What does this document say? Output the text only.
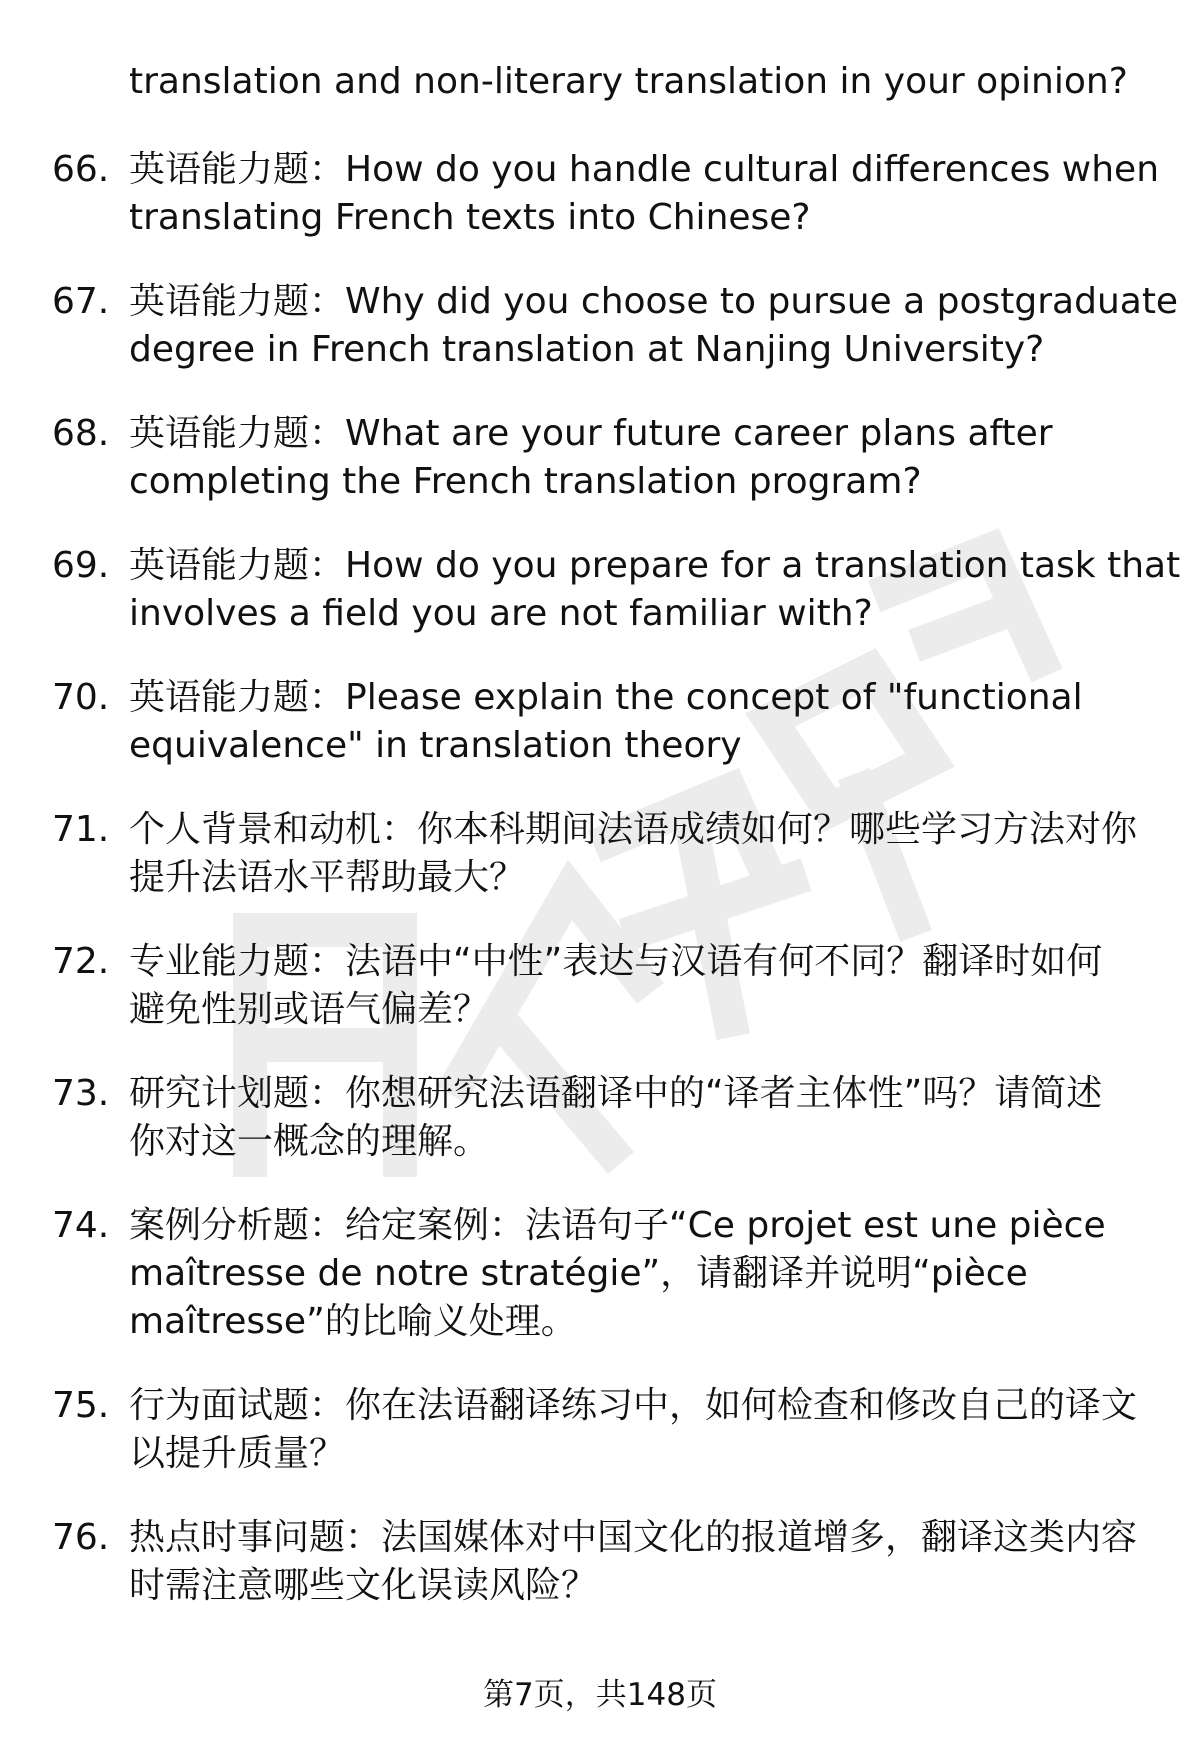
translation and non-literary translation in your opinion?
66. 英语能力题：How do you handle cultural differences when
translating French texts into Chinese?
67. 英语能力题：Why did you choose to pursue a postgraduate
degree in French translation at Nanjing University?
68. 英语能力题：What are your future career plans after
completing the French translation program?
69. 英语能力题：How do you prepare for a translation task that
involves a field you are not familiar with?
70. 英语能力题：Please explain the concept of "functional
equivalence" in translation theory
71. 个人背景和动机：你本科期间法语成绩如何？哪些学习方法对你
提升法语水平帮助最大？
72. 专业能力题：法语中“中性”表达与汉语有何不同？翻译时如何
避免性别或语气偏差？
73. 研究计划题：你想研究法语翻译中的“译者主体性”吗？请简述
你对这一概念的理解。
74. 案例分析题：给定案例：法语句子“Ce projet est une pièce
maîtresse de notre stratégie”，请翻译并说明“pièce
maîtresse”的比喻义处理。
75. 行为面试题：你在法语翻译练习中，如何检查和修改自己的译文
以提升质量？
76. 热点时事问题：法国媒体对中国文化的报道增多，翻译这类内容
时需注意哪些文化误读风险？
第7页，共148页
